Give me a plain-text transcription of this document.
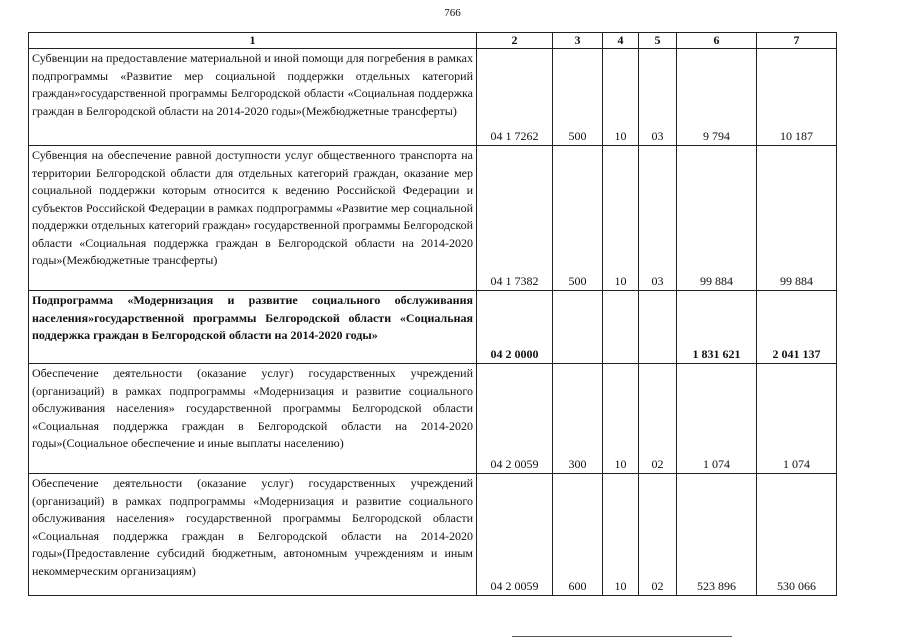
766
1	2	3	4	5	6	7

Субвенции на предоставление материальной и иной помощи для погребения в рамках подпрограммы «Развитие мер социальной поддержки отдельных категорий граждан»государственной программы Белгородской области «Социальная поддержка граждан в Белгородской области на 2014-2020 годы»(Межбюджетные трансферты)	04 1 7262	500	10	03	9 794	10 187

Субвенция на обеспечение равной доступности услуг общественного транспорта на территории Белгородской области для отдельных категорий граждан, оказание мер социальной поддержки которым относится к ведению Российской Федерации и субъектов Российской Федерации в рамках подпрограммы «Развитие мер социальной поддержки отдельных категорий граждан» государственной программы Белгородской области «Социальная поддержка граждан в Белгородской области на 2014-2020 годы»(Межбюджетные трансферты)	04 1 7382	500	10	03	99 884	99 884

Подпрограмма «Модернизация и развитие социального обслуживания населения»государственной программы Белгородской области «Социальная поддержка граждан в Белгородской области на 2014-2020 годы»	04 2 0000				1 831 621	2 041 137

Обеспечение деятельности (оказание услуг) государственных учреждений (организаций) в рамках подпрограммы «Модернизация и развитие социального обслуживания населения» государственной программы Белгородской области «Социальная поддержка граждан в Белгородской области на 2014-2020 годы»(Социальное обеспечение и иные выплаты населению)	04 2 0059	300	10	02	1 074	1 074

Обеспечение деятельности (оказание услуг) государственных учреждений (организаций) в рамках подпрограммы «Модернизация и развитие социального обслуживания населения» государственной программы Белгородской области «Социальная поддержка граждан в Белгородской области на 2014-2020 годы»(Предоставление субсидий бюджетным, автономным учреждениям и иным некоммерческим организациям)	04 2 0059	600	10	02	523 896	530 066
